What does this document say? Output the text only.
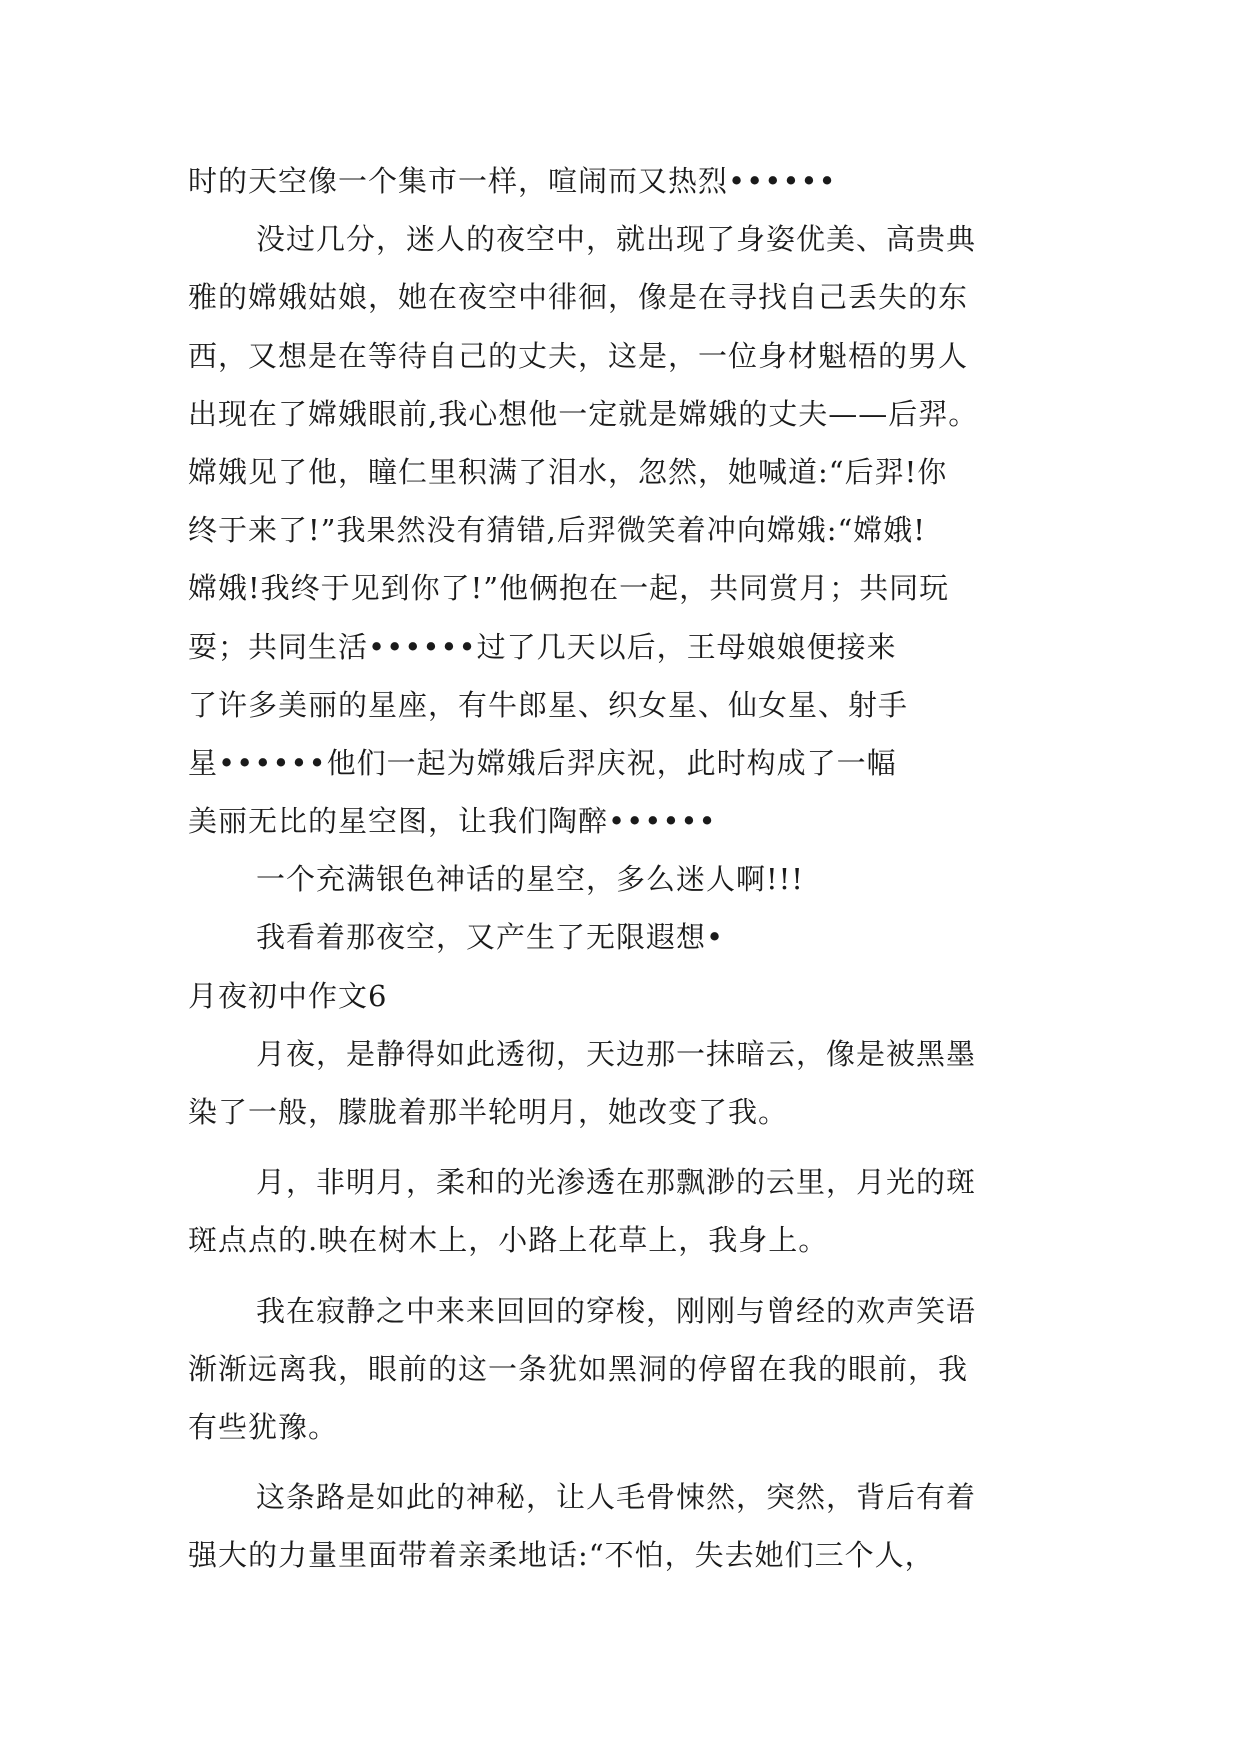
时的天空像一个集市一样，喧闹而又热烈••••••
没过几分，迷人的夜空中，就出现了身姿优美、高贵典
雅的嫦娥姑娘，她在夜空中徘徊，像是在寻找自己丢失的东
西，又想是在等待自己的丈夫，这是，一位身材魁梧的男人
出现在了嫦娥眼前,我心想他一定就是嫦娥的丈夫——后羿。
嫦娥见了他，瞳仁里积满了泪水，忽然，她喊道:“后羿!你
终于来了!”我果然没有猜错,后羿微笑着冲向嫦娥:“嫦娥!
嫦娥!我终于见到你了!”他俩抱在一起，共同赏月；共同玩
耍；共同生活••••••过了几天以后，王母娘娘便接来
了许多美丽的星座，有牛郎星、织女星、仙女星、射手
星••••••他们一起为嫦娥后羿庆祝，此时构成了一幅
美丽无比的星空图，让我们陶醉••••••
一个充满银色神话的星空，多么迷人啊!!!
我看着那夜空，又产生了无限遐想•
月夜初中作文6
月夜，是静得如此透彻，天边那一抹暗云，像是被黑墨
染了一般，朦胧着那半轮明月，她改变了我。
月，非明月，柔和的光渗透在那飘渺的云里，月光的斑
斑点点的.映在树木上，小路上花草上，我身上。
我在寂静之中来来回回的穿梭，刚刚与曾经的欢声笑语
渐渐远离我，眼前的这一条犹如黑洞的停留在我的眼前，我
有些犹豫。
这条路是如此的神秘，让人毛骨悚然，突然，背后有着
强大的力量里面带着亲柔地话:“不怕，失去她们三个人，
